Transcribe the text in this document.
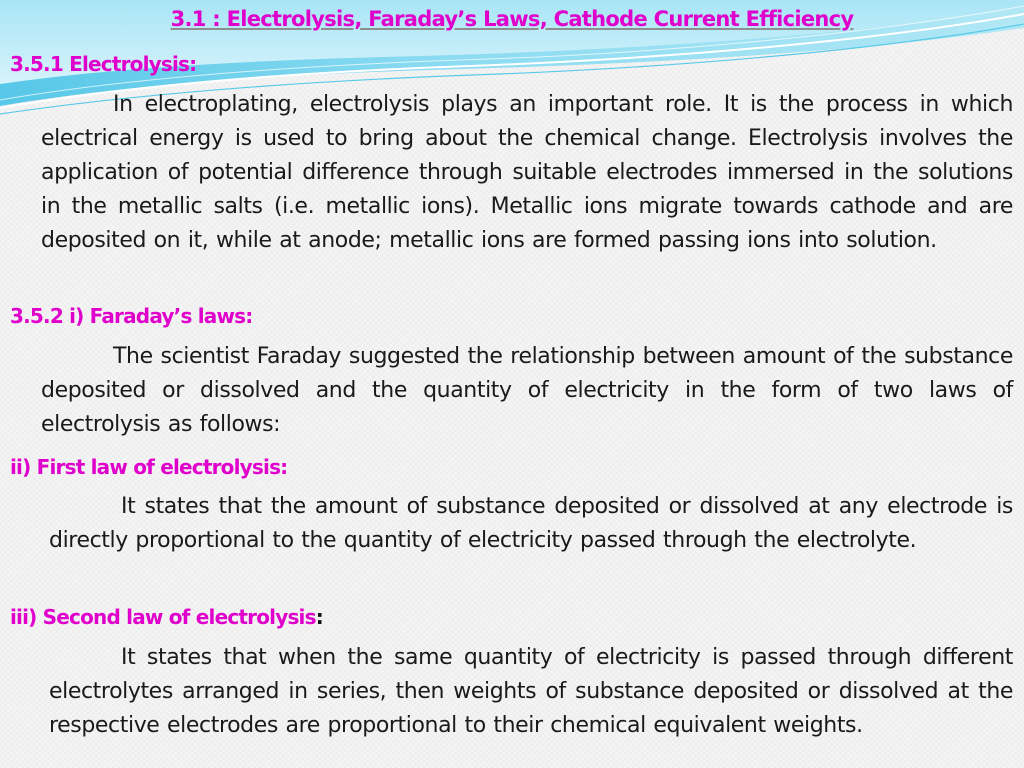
3.1 : Electrolysis, Faraday’s Laws, Cathode Current Efficiency
3.5.1 Electrolysis:

In electroplating, electrolysis plays an important role. It is the process in which electrical energy is used to bring about the chemical change. Electrolysis involves the application of potential difference through suitable electrodes immersed in the solutions in the metallic salts (i.e. metallic ions). Metallic ions migrate towards cathode and are deposited on it, while at anode; metallic ions are formed passing ions into solution.

3.5.2 i) Faraday’s laws:

The scientist Faraday suggested the relationship between amount of the substance deposited or dissolved and the quantity of electricity in the form of two laws of electrolysis as follows:

ii) First law of electrolysis:

It states that the amount of substance deposited or dissolved at any electrode is directly proportional to the quantity of electricity passed through the electrolyte.

iii) Second law of electrolysis:

It states that when the same quantity of electricity is passed through different electrolytes arranged in series, then weights of substance deposited or dissolved at the respective electrodes are proportional to their chemical equivalent weights.
